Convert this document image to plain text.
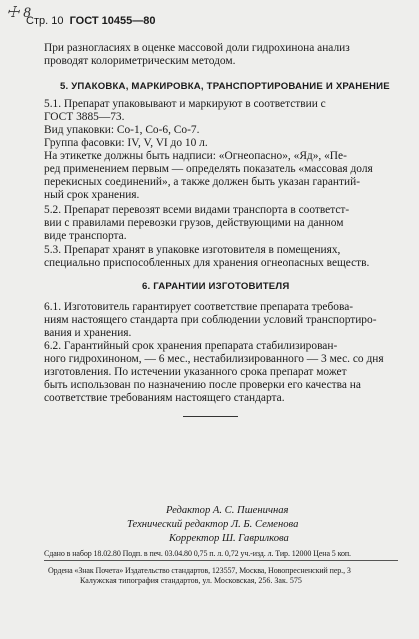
☩ 8
Стр. 10 ГОСТ 10455—80
При разногласиях в оценке массовой доли гидрохинона анализ
проводят колориметрическим методом.
5. УПАКОВКА, МАРКИРОВКА, ТРАНСПОРТИРОВАНИЕ И ХРАНЕНИЕ
5.1. Препарат упаковывают и маркируют в соответствии с
ГОСТ 3885—73.
Вид упаковки: Со-1, Со-6, Со-7.
Группа фасовки: IV, V, VI до 10 л.
На этикетке должны быть надписи: «Огнеопасно», «Яд», «Пе-
ред применением первым — определять показатель «массовая доля
перекисных соединений», а также должен быть указан гарантий-
ный срок хранения.
5.2. Препарат перевозят всеми видами транспорта в соответст-
вии с правилами перевозки грузов, действующими на данном
виде транспорта.
5.3. Препарат хранят в упаковке изготовителя в помещениях,
специально приспособленных для хранения огнеопасных веществ.
6. ГАРАНТИИ ИЗГОТОВИТЕЛЯ
6.1. Изготовитель гарантирует соответствие препарата требова-
ниям настоящего стандарта при соблюдении условий транспортиро-
вания и хранения.
6.2. Гарантийный срок хранения препарата стабилизирован-
ного гидрохиноном, — 6 мес., нестабилизированного — 3 мес. со дня
изготовления. По истечении указанного срока препарат может
быть использован по назначению после проверки его качества на
соответствие требованиям настоящего стандарта.
Редактор А. С. Пшеничная
Технический редактор Л. Б. Семенова
Корректор Ш. Гаврилкова
Сдано в набор 18.02.80 Подп. в печ. 03.04.80 0,75 п. л. 0,72 уч.-изд. л. Тир. 12000 Цена 5 коп.
Ордена «Знак Почета» Издательство стандартов, 123557, Москва, Новопресненский пер., 3
Калужская типография стандартов, ул. Московская, 256. Зак. 575
